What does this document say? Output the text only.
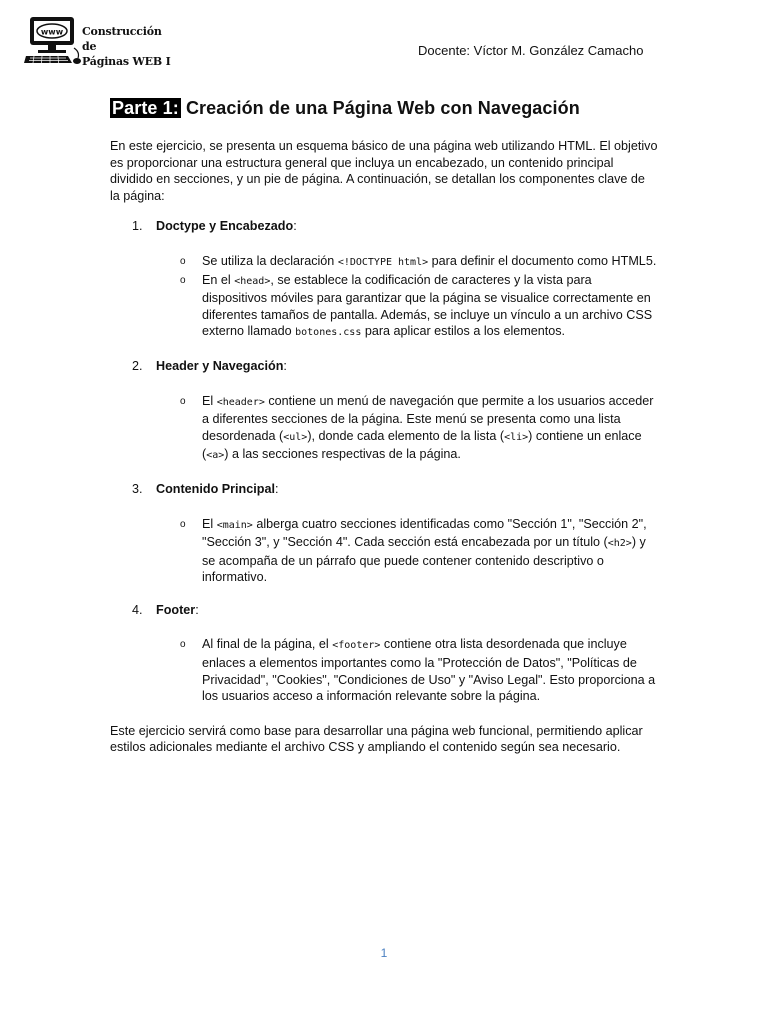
www Construcción de
Páginas WEB I
Docente: Víctor M. González Camacho
Parte 1: Creación de una Página Web con Navegación

En este ejercicio, se presenta un esquema básico de una página web utilizando HTML. El objetivo es proporcionar una estructura general que incluya un encabezado, un contenido principal dividido en secciones, y un pie de página. A continuación, se detallan los componentes clave de la página:

1. Doctype y Encabezado:
o Se utiliza la declaración <!DOCTYPE html> para definir el documento como HTML5.
o En el <head>, se establece la codificación de caracteres y la vista para dispositivos móviles para garantizar que la página se visualice correctamente en diferentes tamaños de pantalla. Además, se incluye un vínculo a un archivo CSS externo llamado botones.css para aplicar estilos a los elementos.
2. Header y Navegación:
o El <header> contiene un menú de navegación que permite a los usuarios acceder a diferentes secciones de la página. Este menú se presenta como una lista desordenada (<ul>), donde cada elemento de la lista (<li>) contiene un enlace (<a>) a las secciones respectivas de la página.
3. Contenido Principal:
o El <main> alberga cuatro secciones identificadas como "Sección 1", "Sección 2", "Sección 3", y "Sección 4". Cada sección está encabezada por un título (<h2>) y se acompaña de un párrafo que puede contener contenido descriptivo o informativo.
4. Footer:
o Al final de la página, el <footer> contiene otra lista desordenada que incluye enlaces a elementos importantes como la "Protección de Datos", "Políticas de Privacidad", "Cookies", "Condiciones de Uso" y "Aviso Legal". Esto proporciona a los usuarios acceso a información relevante sobre la página.

Este ejercicio servirá como base para desarrollar una página web funcional, permitiendo aplicar estilos adicionales mediante el archivo CSS y ampliando el contenido según sea necesario.

1
